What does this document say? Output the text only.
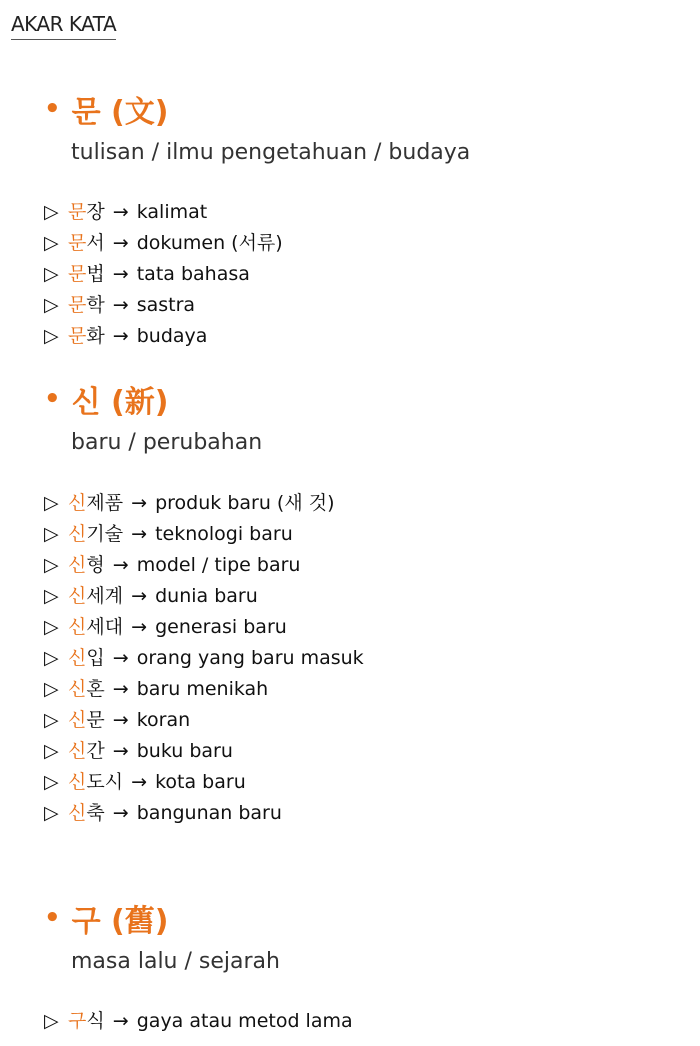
AKAR KATA
• 문 (文)
tulisan / ilmu pengetahuan / budaya
▷ 문장 → kalimat
▷ 문서 → dokumen (서류)
▷ 문법 → tata bahasa
▷ 문학 → sastra
▷ 문화 → budaya
• 신 (新)
baru / perubahan
▷ 신제품 → produk baru (새 것)
▷ 신기술 → teknologi baru
▷ 신형 → model / tipe baru
▷ 신세계 → dunia baru
▷ 신세대 → generasi baru
▷ 신입 → orang yang baru masuk
▷ 신혼 → baru menikah
▷ 신문 → koran
▷ 신간 → buku baru
▷ 신도시 → kota baru
▷ 신축 → bangunan baru
• 구 (舊)
masa lalu / sejarah
▷ 구식 → gaya atau metod lama
